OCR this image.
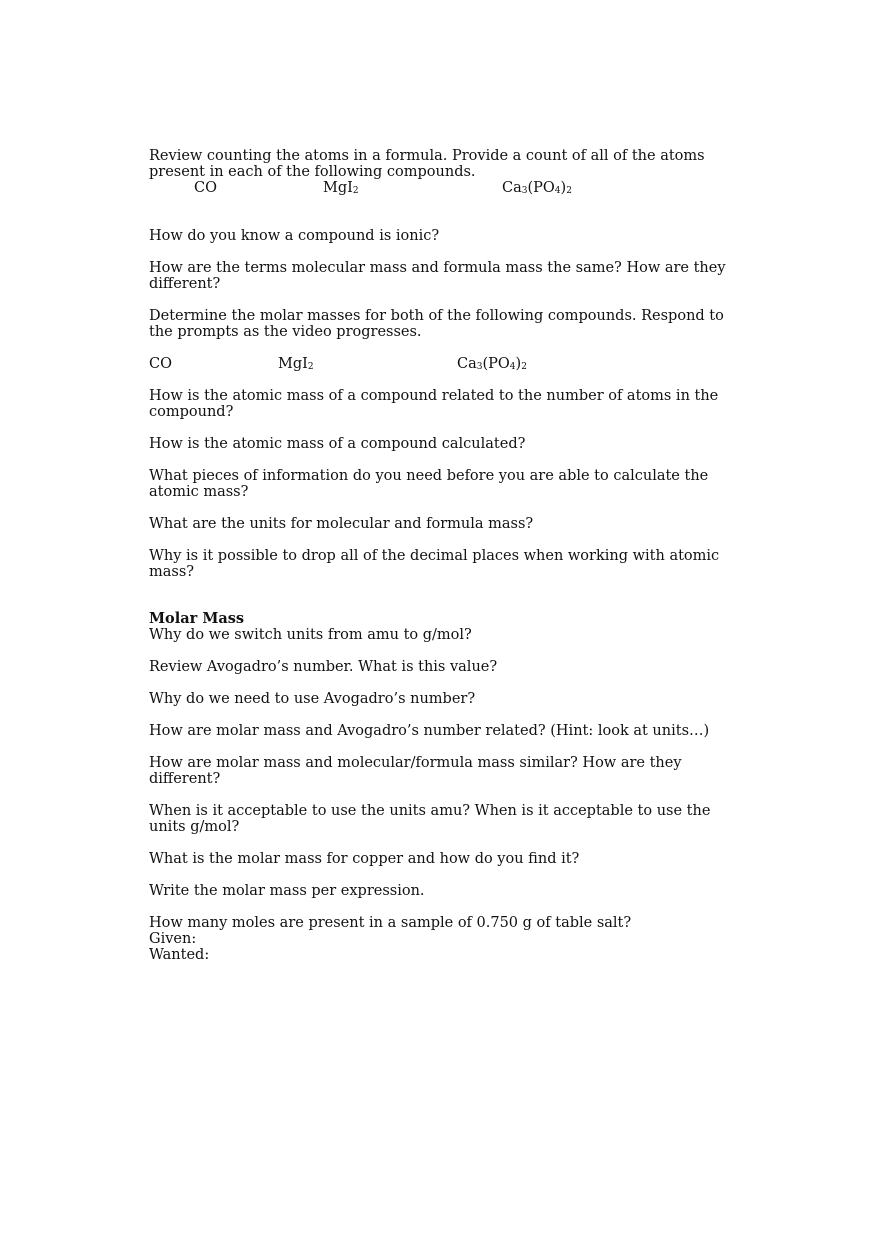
Review counting the atoms in a formula. Provide a count of all of the atoms present in each of the following compounds.

CO	MgI$_2$	$Ca_3(PO_4)_2$

How do you know a compound is ionic?

How are the terms molecular mass and formula mass the same? How are they different?

Determine the molar masses for both of the following compounds. Respond to the prompts as the video progresses.

CO	MgI$_2$	$Ca_3(PO_4)_2$

How is the atomic mass of a compound related to the number of atoms in the compound?

How is the atomic mass of a compound calculated?

What pieces of information do you need before you are able to calculate the atomic mass?

What are the units for molecular and formula mass?

Why is it possible to drop all of the decimal places when working with atomic mass?

Molar Mass

Why do we switch units from amu to g/mol?

Review Avogadro’s number. What is this value?

Why do we need to use Avogadro’s number?

How are molar mass and Avogadro’s number related? (Hint: look at units…)

How are molar mass and molecular/formula mass similar? How are they different?

When is it acceptable to use the units amu? When is it acceptable to use the units g/mol?

What is the molar mass for copper and how do you find it?

Write the molar mass per expression.

How many moles are present in a sample of 0.750 g of table salt?

Given:

Wanted:
